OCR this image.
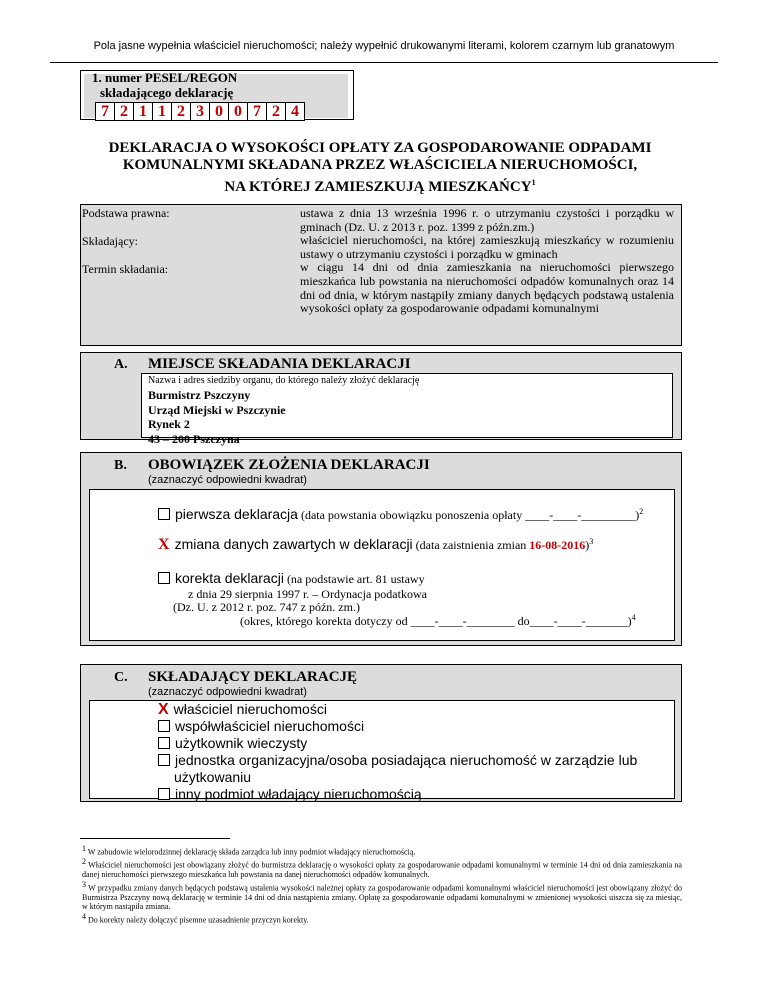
Pola jasne wypełnia właściciel nieruchomości; należy wypełnić drukowanymi literami, kolorem czarnym lub granatowym
1. numer PESEL/REGON
składającego deklarację
7 2 1 1 2 3 0 0 7 2 4
DEKLARACJA O WYSOKOŚCI OPŁATY ZA GOSPODAROWANIE ODPADAMI
KOMUNALNYMI SKŁADANA PRZEZ WŁAŚCICIELA NIERUCHOMOŚCI,
NA KTÓREJ ZAMIESZKUJĄ MIESZKAŃCY$^1$
Podstawa prawna:
Składający:
Termin składania:
ustawa z dnia 13 września 1996 r. o utrzymaniu czystości i porządku w gminach (Dz. U. z 2013 r. poz. 1399 z późn.zm.)
właściciel nieruchomości, na której zamieszkują mieszkańcy w rozumieniu ustawy o utrzymaniu czystości i porządku w gminach
w ciągu 14 dni od dnia zamieszkania na nieruchomości pierwszego mieszkańca lub powstania na nieruchomości odpadów komunalnych oraz 14 dni od dnia, w którym nastąpiły zmiany danych będących podstawą ustalenia wysokości opłaty za gospodarowanie odpadami komunalnymi
A. MIEJSCE SKŁADANIA DEKLARACJI
Nazwa i adres siedziby organu, do którego należy złożyć deklarację
Burmistrz Pszczyny
Urząd Miejski w Pszczynie
Rynek 2
43 – 200 Pszczyna
B. OBOWIĄZEK ZŁOŻENIA DEKLARACJI
(zaznaczyć odpowiedni kwadrat)
pierwsza deklaracja (data powstania obowiązku ponoszenia opłaty ____-____-_________)$^2$
X zmiana danych zawartych w deklaracji (data zaistnienia zmian 16-08-2016)$^3$
korekta deklaracji (na podstawie art. 81 ustawy
z dnia 29 sierpnia 1997 r. – Ordynacja podatkowa
(Dz. U. z 2012 r. poz. 747 z późn. zm.)
(okres, którego korekta dotyczy od ____-____-________ do____-____-_______)$^4$
C. SKŁADAJĄCY DEKLARACJĘ
(zaznaczyć odpowiedni kwadrat)
X właściciel nieruchomości
współwłaściciel nieruchomości
użytkownik wieczysty
jednostka organizacyjna/osoba posiadająca nieruchomość w zarządzie lub
użytkowaniu
inny podmiot władający nieruchomością
$^1$ W zabudowie wielorodzinnej deklarację składa zarządca lub inny podmiot władający nieruchomością.
$^2$ Właściciel nieruchomości jest obowiązany złożyć do burmistrza deklarację o wysokości opłaty za gospodarowanie odpadami komunalnymi w terminie 14 dni od dnia zamieszkania na danej nieruchomości pierwszego mieszkańca lub powstania na danej nieruchomości odpadów komunalnych.
$^3$ W przypadku zmiany danych będących podstawą ustalenia wysokości należnej opłaty za gospodarowanie odpadami komunalnymi właściciel nieruchomości jest obowiązany złożyć do Burmistrza Pszczyny nową deklarację w terminie 14 dni od dnia nastąpienia zmiany. Opłatę za gospodarowanie odpadami komunalnymi w zmienionej wysokości uiszcza się za miesiąc, w którym nastąpiła zmiana.
$^4$ Do korekty należy dołączyć pisemne uzasadnienie przyczyn korekty.
